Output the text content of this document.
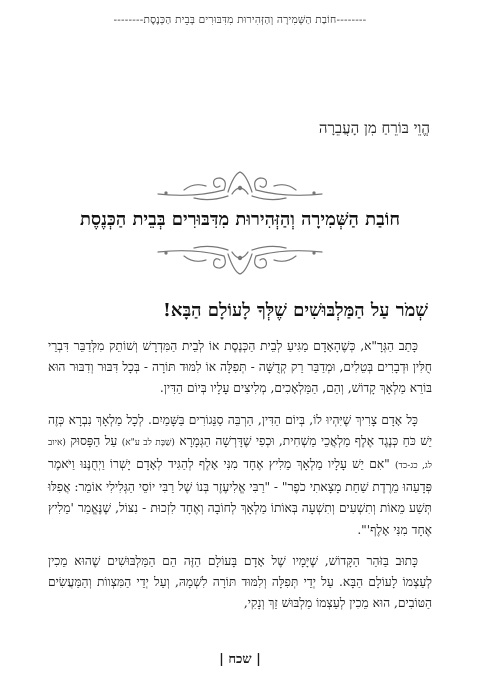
--------חוֹבַת הַשְּׁמִירָה וְהַזְּהִירוּת מִדִּבּוּרִים בְּבֵית הַכְּנֶסֶת--------
הֱוֵי בּוֹרֵחַ מִן הָעֲבֵרָה
חוֹבַת הַשְּׁמִירָה וְהַזְּהִירוּת מִדִּבּוּרִים בְּבֵית הַכְּנֶסֶת
שְׁמֹר עַל הַמַּלְבּוּשִׁים שֶׁלְּךָ לָעוֹלָם הַבָּא!

כָּתַב הַגְּרָ"א, כְּשֶׁהָאָדָם מַגִּיעַ לְבֵית הַכְּנֶסֶת אוֹ לְבֵית הַמִּדְרָשׁ וְשׁוֹתֵק מִלְּדַבֵּר דִּבְרֵי חֻלִּין וּדְבָרִים בְּטֵלִים, וּמְדַבֵּר רַק קְדֻשָּׁה - תְּפִלָּה אוֹ לִמּוּד תּוֹרָה - בְּכָל דִּבּוּר וְדִבּוּר הוּא בּוֹרֵא מַלְאָךְ קָדוֹשׁ, וְהֵם, הַמַּלְאָכִים, מְלִיצִים עָלָיו בְּיוֹם הַדִּין.

כָּל אָדָם צָרִיךְ שֶׁיִּהְיוּ לוֹ, בְּיוֹם הַדִּין, הַרְבֵּה סַנֵּגוֹרִים בַּשָּׁמַיִם. לְכָל מַלְאָךְ נִבְרָא כְּזֶה יֵשׁ כֹּחַ כְּנֶגֶד אֶלֶף מַלְאֲכֵי מַשְׁחִית, וּכְפִי שֶׁדָּרְשָׁה הַגְּמָרָא (שַׁבָּת לב ע"א) עַל הַפָּסוּק (איוב לג, כג-כד) "אִם יֵשׁ עָלָיו מַלְאָךְ מֵלִיץ אֶחָד מִנִּי אָלֶף לְהַגִּיד לְאָדָם יָשְׁרוֹ וַיְחֻנֶּנּוּ וַיֹּאמֶר פְּדָעֵהוּ מֵרֶדֶת שַׁחַת מָצָאתִי כֹפֶר" - "רַבִּי אֱלִיעֶזֶר בְּנוֹ שֶׁל רַבִּי יוֹסֵי הַגְּלִילִי אוֹמֵר: אֲפִלּוּ תְּשַׁע מֵאוֹת וְתִשְׁעִים וְתִשְׁעָה בְּאוֹתוֹ מַלְאָךְ לְחוֹבָה וְאֶחָד לִזְכוּת - נִצּוֹל, שֶׁנֶּאֱמַר 'מֵלִיץ אֶחָד מִנִּי אָלֶף'".

כָּתוּב בַּזֹּהַר הַקָּדוֹשׁ, שֶׁיָּמָיו שֶׁל אָדָם בָּעוֹלָם הַזֶּה הֵם הַמַּלְבּוּשִׁים שֶׁהוּא מֵכִין לְעַצְמוֹ לָעוֹלָם הַבָּא. עַל יְדֵי תְּפִלָּה וְלִמּוּד תּוֹרָה לִשְׁמָהּ, וְעַל יְדֵי הַמִּצְווֹת וְהַמַּעֲשִׂים הַטּוֹבִים, הוּא מֵכִין לְעַצְמוֹ מַלְבּוּשׁ זַךְ וְנָקִי,

| שכח |
